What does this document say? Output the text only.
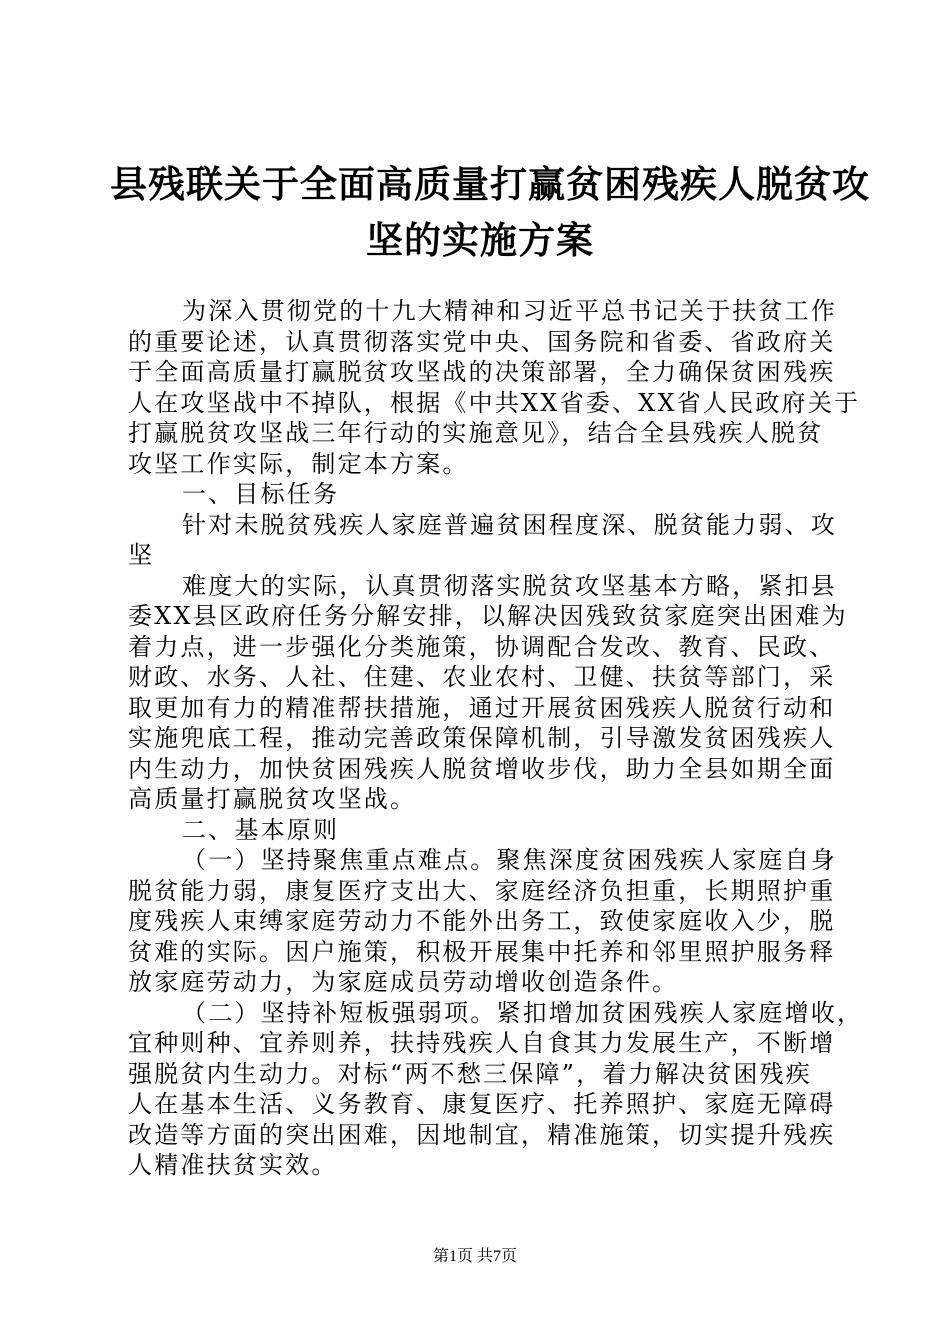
县残联关于全面高质量打赢贫困残疾人脱贫攻
坚的实施方案
为深入贯彻党的十九大精神和习近平总书记关于扶贫工作
的重要论述，认真贯彻落实党中央、国务院和省委、省政府关
于全面高质量打赢脱贫攻坚战的决策部署，全力确保贫困残疾
人在攻坚战中不掉队，根据《中共XX省委、XX省人民政府关于
打赢脱贫攻坚战三年行动的实施意见》，结合全县残疾人脱贫
攻坚工作实际，制定本方案。
一、目标任务
针对未脱贫残疾人家庭普遍贫困程度深、脱贫能力弱、攻
坚
难度大的实际，认真贯彻落实脱贫攻坚基本方略，紧扣县
委XX县区政府任务分解安排，以解决因残致贫家庭突出困难为
着力点，进一步强化分类施策，协调配合发改、教育、民政、
财政、水务、人社、住建、农业农村、卫健、扶贫等部门，采
取更加有力的精准帮扶措施，通过开展贫困残疾人脱贫行动和
实施兜底工程，推动完善政策保障机制，引导激发贫困残疾人
内生动力，加快贫困残疾人脱贫增收步伐，助力全县如期全面
高质量打赢脱贫攻坚战。
二、基本原则
（一）坚持聚焦重点难点。聚焦深度贫困残疾人家庭自身
脱贫能力弱，康复医疗支出大、家庭经济负担重，长期照护重
度残疾人束缚家庭劳动力不能外出务工，致使家庭收入少，脱
贫难的实际。因户施策，积极开展集中托养和邻里照护服务释
放家庭劳动力，为家庭成员劳动增收创造条件。
（二）坚持补短板强弱项。紧扣增加贫困残疾人家庭增收，
宜种则种、宜养则养，扶持残疾人自食其力发展生产，不断增
强脱贫内生动力。对标“两不愁三保障”，着力解决贫困残疾
人在基本生活、义务教育、康复医疗、托养照护、家庭无障碍
改造等方面的突出困难，因地制宜，精准施策，切实提升残疾
人精准扶贫实效。
第1页 共7页
